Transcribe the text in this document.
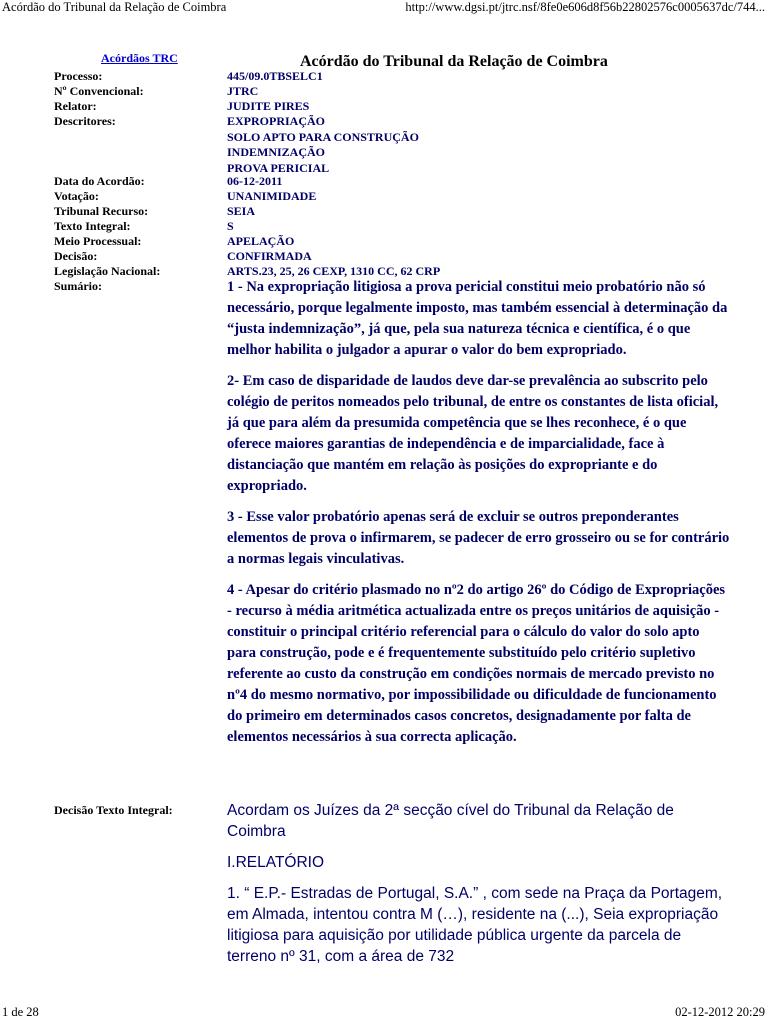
Acórdão do Tribunal da Relação de Coimbra	http://www.dgsi.pt/jtrc.nsf/8fe0e606d8f56b22802576c0005637dc/744...
Acórdãos TRC	Acórdão do Tribunal da Relação de Coimbra
Processo:	445/09.0TBSELC1
Nº Convencional:	JTRC
Relator:	JUDITE PIRES
Descritores:	EXPROPRIAÇÃO
SOLO APTO PARA CONSTRUÇÃO
INDEMNIZAÇÃO
PROVA PERICIAL
Data do Acordão:	06-12-2011
Votação:	UNANIMIDADE
Tribunal Recurso:	SEIA
Texto Integral:	S
Meio Processual:	APELAÇÃO
Decisão:	CONFIRMADA
Legislação Nacional:	ARTS.23, 25, 26 CEXP, 1310 CC, 62 CRP
Sumário:	1 - Na expropriação litigiosa a prova pericial constitui meio probatório não só necessário, porque legalmente imposto, mas também essencial à determinação da “justa indemnização”, já que, pela sua natureza técnica e científica, é o que melhor habilita o julgador a apurar o valor do bem expropriado.

2- Em caso de disparidade de laudos deve dar-se prevalência ao subscrito pelo colégio de peritos nomeados pelo tribunal, de entre os constantes de lista oficial, já que para além da presumida competência que se lhes reconhece, é o que oferece maiores garantias de independência e de imparcialidade, face à distanciação que mantém em relação às posições do expropriante e do expropriado.

3 - Esse valor probatório apenas será de excluir se outros preponderantes elementos de prova o infirmarem, se padecer de erro grosseiro ou se for contrário a normas legais vinculativas.

4 - Apesar do critério plasmado no nº2 do artigo 26º do Código de Expropriações - recurso à média aritmética actualizada entre os preços unitários de aquisição - constituir o principal critério referencial para o cálculo do valor do solo apto para construção, pode e é frequentemente substituído pelo critério supletivo referente ao custo da construção em condições normais de mercado previsto no nº4 do mesmo normativo, por impossibilidade ou dificuldade de funcionamento do primeiro em determinados casos concretos, designadamente por falta de elementos necessários à sua correcta aplicação.

Decisão Texto Integral:	Acordam os Juízes da 2ª secção cível do Tribunal da Relação de Coimbra

I.RELATÓRIO

1. “ E.P.- Estradas de Portugal, S.A.” , com sede na Praça da Portagem, em Almada, intentou contra M (…), residente na (...), Seia expropriação litigiosa para aquisição por utilidade pública urgente da parcela de terreno nº 31, com a área de 732

1 de 28	02-12-2012 20:29
